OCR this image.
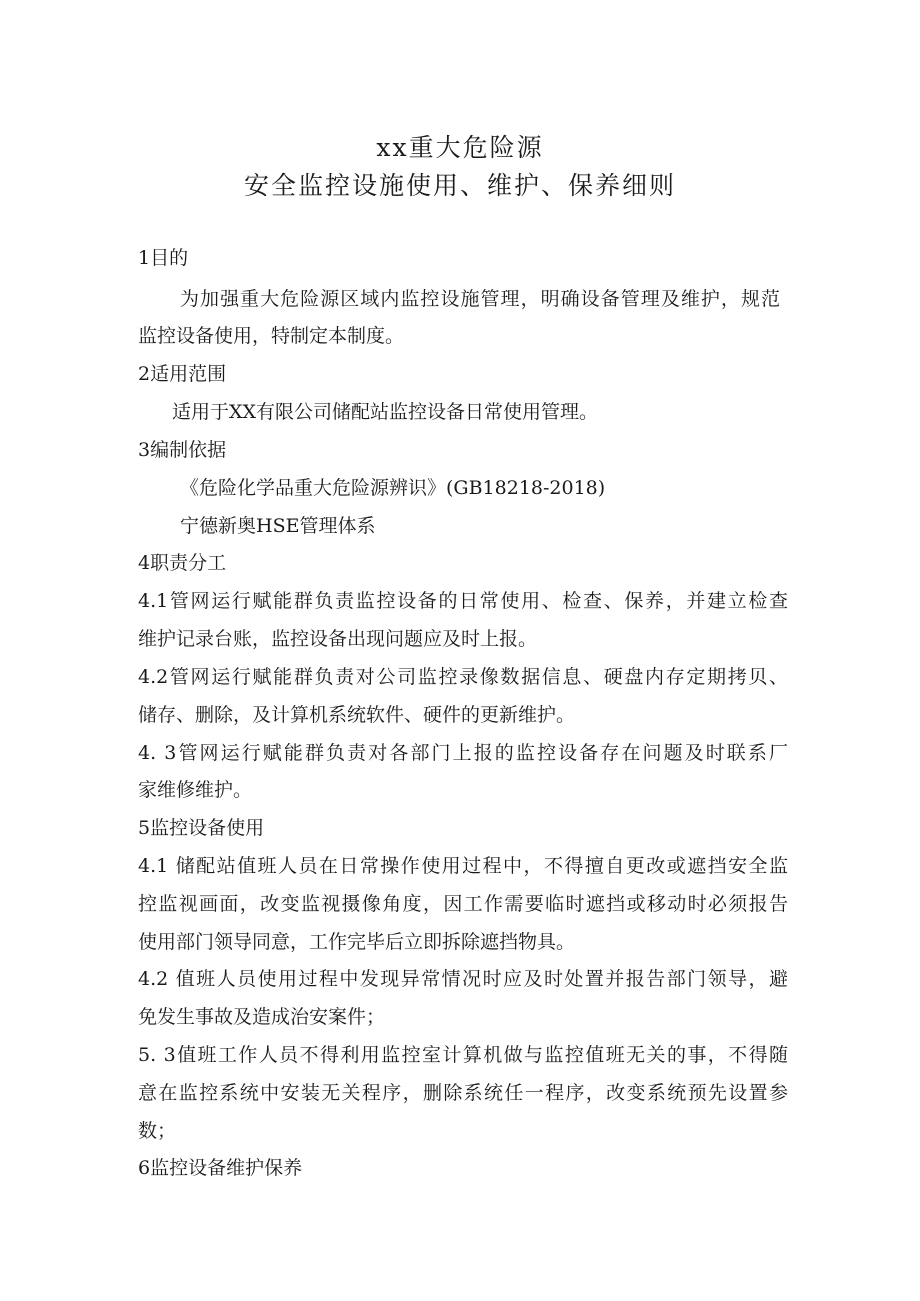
xx重大危险源
安全监控设施使用、维护、保养细则
1目的
为加强重大危险源区域内监控设施管理，明确设备管理及维护，规范
监控设备使用，特制定本制度。
2适用范围
适用于XX有限公司储配站监控设备日常使用管理。
3编制依据
《危险化学品重大危险源辨识》(GB18218-2018)
宁德新奥HSE管理体系
4职责分工
4.1管网运行赋能群负责监控设备的日常使用、检查、保养，并建立检查
维护记录台账，监控设备出现问题应及时上报。
4.2管网运行赋能群负责对公司监控录像数据信息、硬盘内存定期拷贝、
储存、删除，及计算机系统软件、硬件的更新维护。
4. 3管网运行赋能群负责对各部门上报的监控设备存在问题及时联系厂
家维修维护。
5监控设备使用
4.1 储配站值班人员在日常操作使用过程中，不得擅自更改或遮挡安全监
控监视画面，改变监视摄像角度，因工作需要临时遮挡或移动时必须报告
使用部门领导同意，工作完毕后立即拆除遮挡物具。
4.2 值班人员使用过程中发现异常情况时应及时处置并报告部门领导，避
免发生事故及造成治安案件；
5. 3值班工作人员不得利用监控室计算机做与监控值班无关的事，不得随
意在监控系统中安装无关程序，删除系统任一程序，改变系统预先设置参
数；
6监控设备维护保养
